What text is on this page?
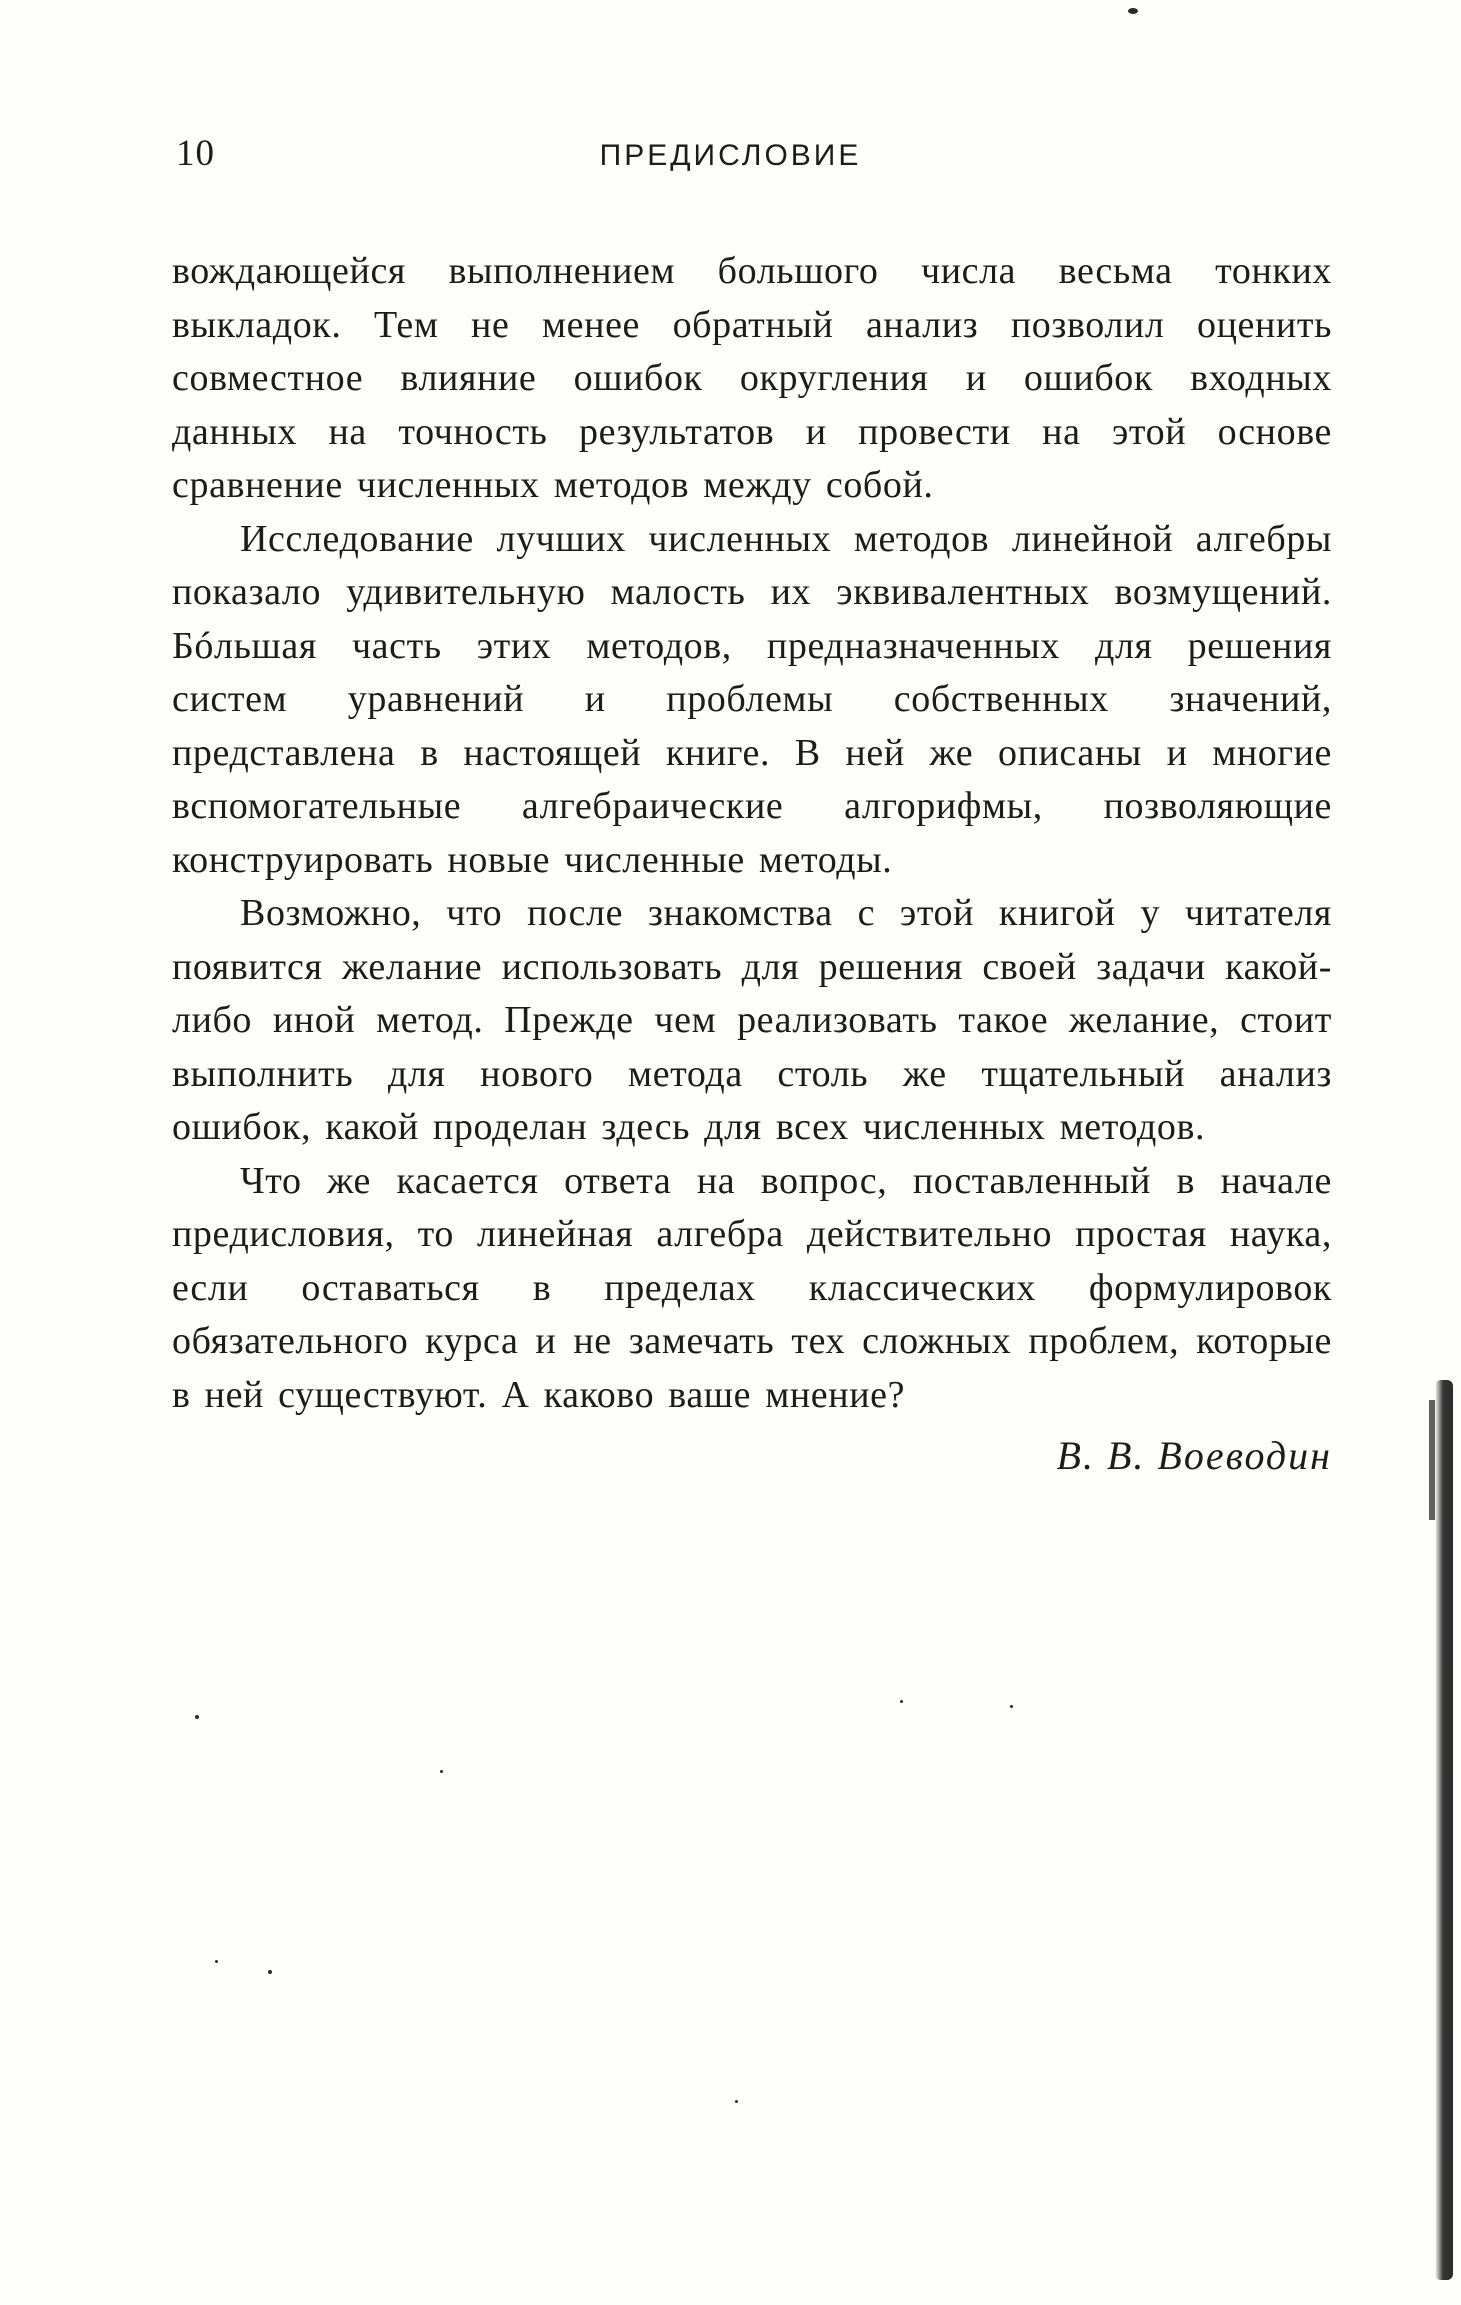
10	ПРЕДИСЛОВИЕ

вождающейся выполнением большого числа весьма тонких выкладок. Тем не менее обратный анализ позволил оценить совместное влияние ошибок округления и ошибок входных данных на точность результатов и провести на этой основе сравнение численных методов между собой.

Исследование лучших численных методов линейной алгебры показало удивительную малость их эквивалентных возмущений. Бóльшая часть этих методов, предназначенных для решения систем уравнений и проблемы собственных значений, представлена в настоящей книге. В ней же описаны и многие вспомогательные алгебраические алгорифмы, позволяющие конструировать новые численные методы.

Возможно, что после знакомства с этой книгой у читателя появится желание использовать для решения своей задачи какой-либо иной метод. Прежде чем реализовать такое желание, стоит выполнить для нового метода столь же тщательный анализ ошибок, какой проделан здесь для всех численных методов.

Что же касается ответа на вопрос, поставленный в начале предисловия, то линейная алгебра действительно простая наука, если оставаться в пределах классических формулировок обязательного курса и не замечать тех сложных проблем, которые в ней существуют. А каково ваше мнение?

В. В. Воеводин
